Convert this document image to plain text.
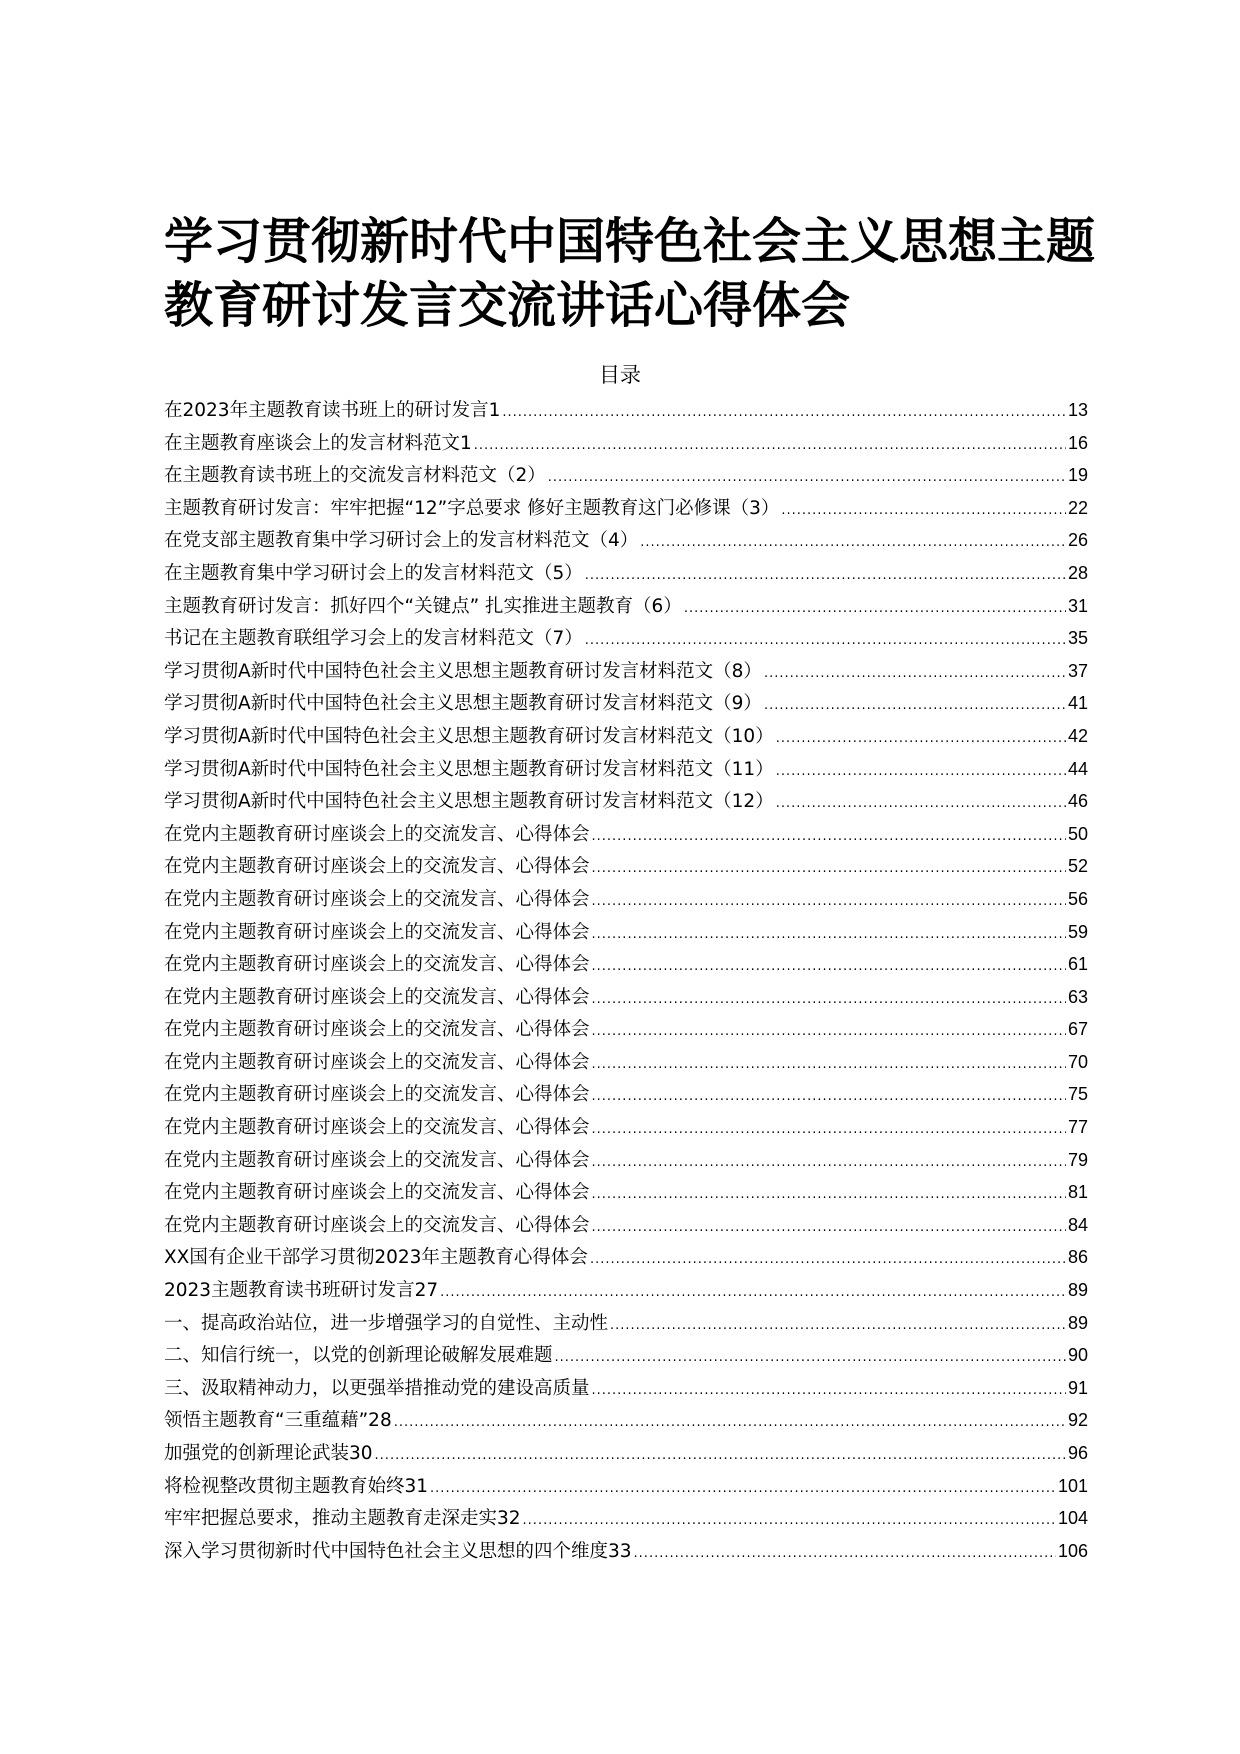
学习贯彻新时代中国特色社会主义思想主题教育研讨发言交流讲话心得体会
目录
在2023年主题教育读书班上的研讨发言1 .....	13
在主题教育座谈会上的发言材料范文1 .....	16
在主题教育读书班上的交流发言材料范文（2） .....	19
主题教育研讨发言：牢牢把握“12”字总要求 修好主题教育这门必修课（3） .....	22
在党支部主题教育集中学习研讨会上的发言材料范文（4） .....	26
在主题教育集中学习研讨会上的发言材料范文（5） .....	28
主题教育研讨发言：抓好四个“关键点” 扎实推进主题教育（6） .....	31
书记在主题教育联组学习会上的发言材料范文（7） .....	35
学习贯彻A新时代中国特色社会主义思想主题教育研讨发言材料范文（8） .....	37
学习贯彻A新时代中国特色社会主义思想主题教育研讨发言材料范文（9） .....	41
学习贯彻A新时代中国特色社会主义思想主题教育研讨发言材料范文（10） .....	42
学习贯彻A新时代中国特色社会主义思想主题教育研讨发言材料范文（11） .....	44
学习贯彻A新时代中国特色社会主义思想主题教育研讨发言材料范文（12） .....	46
在党内主题教育研讨座谈会上的交流发言、心得体会 .....	50
在党内主题教育研讨座谈会上的交流发言、心得体会 .....	52
在党内主题教育研讨座谈会上的交流发言、心得体会 .....	56
在党内主题教育研讨座谈会上的交流发言、心得体会 .....	59
在党内主题教育研讨座谈会上的交流发言、心得体会 .....	61
在党内主题教育研讨座谈会上的交流发言、心得体会 .....	63
在党内主题教育研讨座谈会上的交流发言、心得体会 .....	67
在党内主题教育研讨座谈会上的交流发言、心得体会 .....	70
在党内主题教育研讨座谈会上的交流发言、心得体会 .....	75
在党内主题教育研讨座谈会上的交流发言、心得体会 .....	77
在党内主题教育研讨座谈会上的交流发言、心得体会 .....	79
在党内主题教育研讨座谈会上的交流发言、心得体会 .....	81
在党内主题教育研讨座谈会上的交流发言、心得体会 .....	84
XX国有企业干部学习贯彻2023年主题教育心得体会 .....	86
2023主题教育读书班研讨发言27 .....	89
一、提高政治站位，进一步增强学习的自觉性、主动性 .....	89
二、知信行统一，以党的创新理论破解发展难题 .....	90
三、汲取精神动力，以更强举措推动党的建设高质量 .....	91
领悟主题教育“三重蕴藉”28 .....	92
加强党的创新理论武装30 .....	96
将检视整改贯彻主题教育始终31 .....	101
牢牢把握总要求，推动主题教育走深走实32 .....	104
深入学习贯彻新时代中国特色社会主义思想的四个维度33 .....	106
